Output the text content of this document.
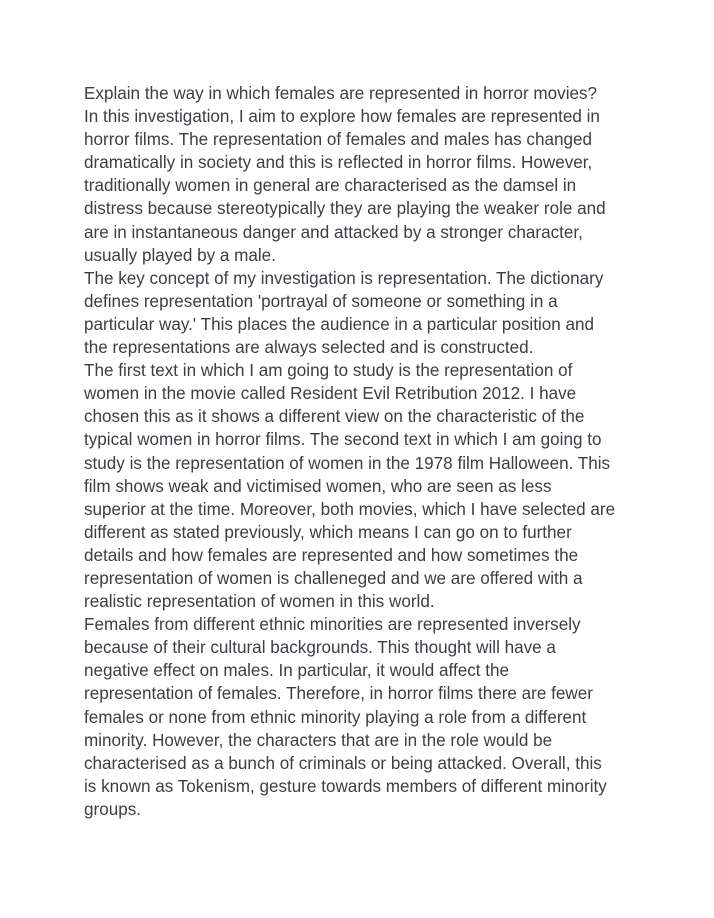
Explain the way in which females are represented in horror movies?
In this investigation, I aim to explore how females are represented in
horror films. The representation of females and males has changed
dramatically in society and this is reflected in horror films. However,
traditionally women in general are characterised as the damsel in
distress because stereotypically they are playing the weaker role and
are in instantaneous danger and attacked by a stronger character,
usually played by a male.
The key concept of my investigation is representation. The dictionary
defines representation 'portrayal of someone or something in a
particular way.' This places the audience in a particular position and
the representations are always selected and is constructed.
The first text in which I am going to study is the representation of
women in the movie called Resident Evil Retribution 2012. I have
chosen this as it shows a different view on the characteristic of the
typical women in horror films. The second text in which I am going to
study is the representation of women in the 1978 film Halloween. This
film shows weak and victimised women, who are seen as less
superior at the time. Moreover, both movies, which I have selected are
different as stated previously, which means I can go on to further
details and how females are represented and how sometimes the
representation of women is challeneged and we are offered with a
realistic representation of women in this world.
Females from different ethnic minorities are represented inversely
because of their cultural backgrounds. This thought will have a
negative effect on males. In particular, it would affect the
representation of females. Therefore, in horror films there are fewer
females or none from ethnic minority playing a role from a different
minority. However, the characters that are in the role would be
characterised as a bunch of criminals or being attacked. Overall, this
is known as Tokenism, gesture towards members of different minority
groups.
